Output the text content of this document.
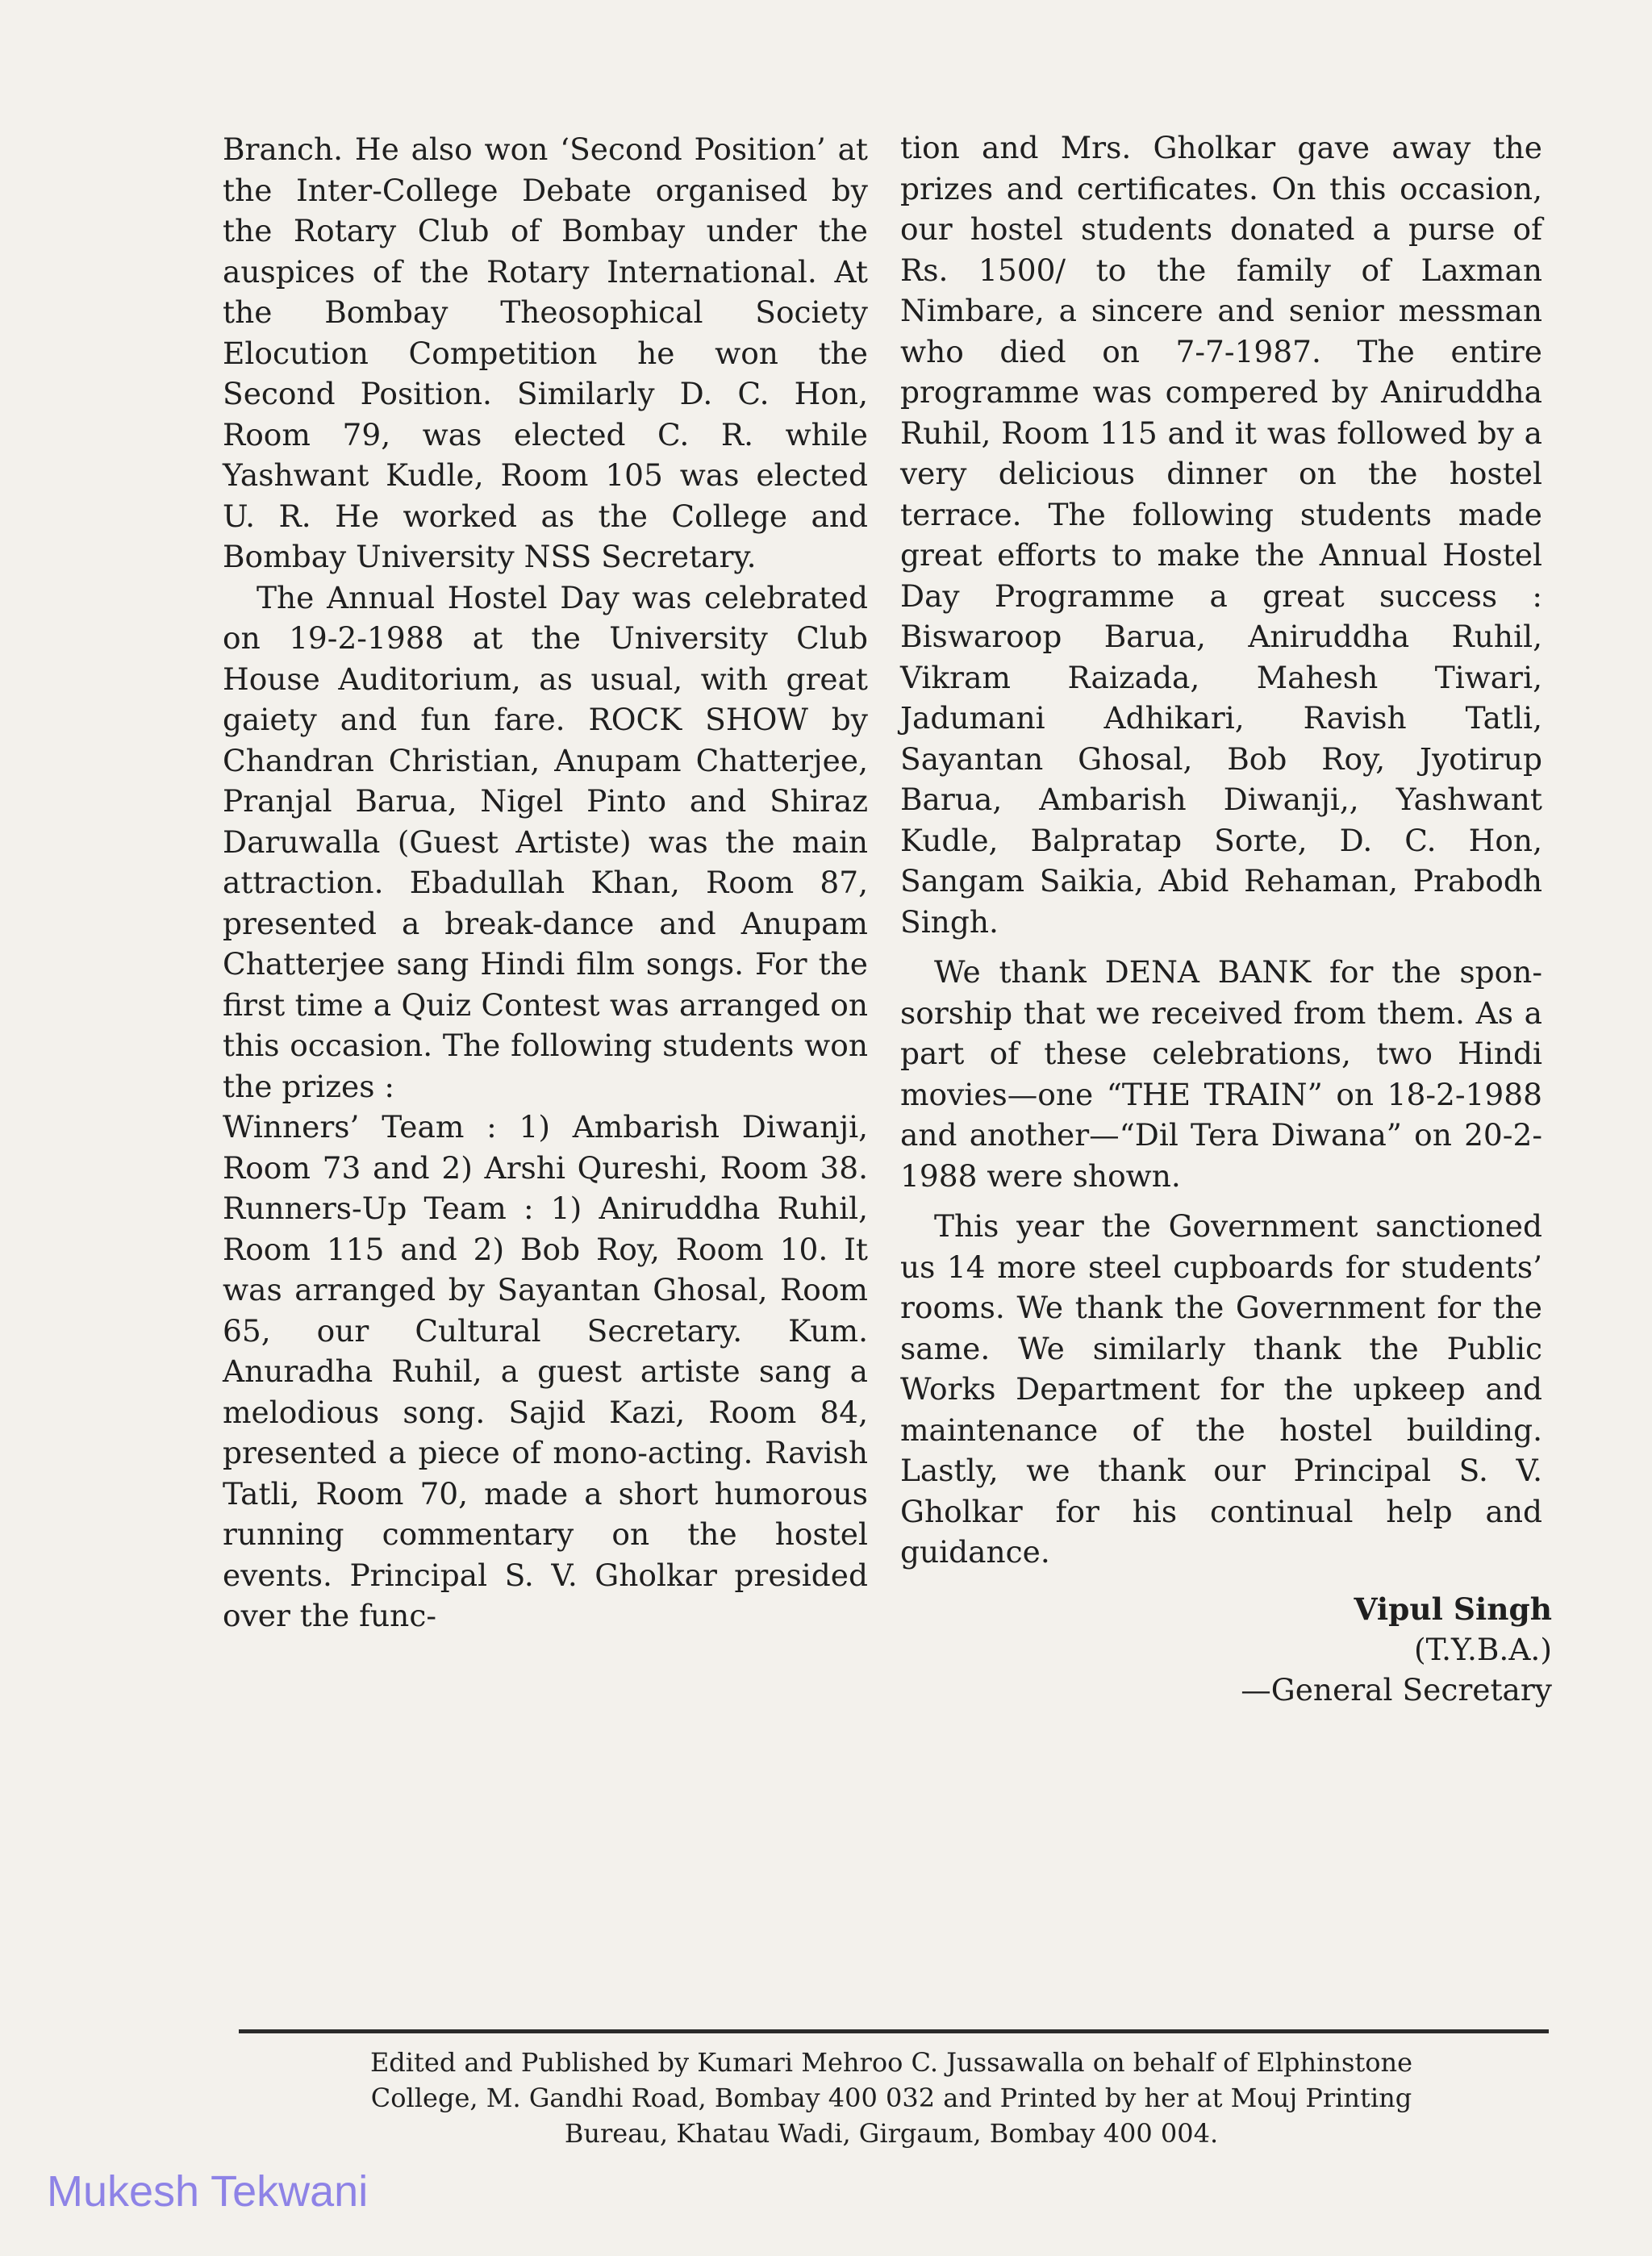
Branch. He also won ‘Second Position’ at the Inter-College Debate organised by the Rotary Club of Bombay under the auspices of the Rotary International. At the Bombay Theosophical Society Elocution Competition he won the Second Position. Similarly D. C. Hon, Room 79, was elected C. R. while Yashwant Kudle, Room 105 was elected U. R. He worked as the College and Bombay University NSS Secretary.

The Annual Hostel Day was celebrated on 19-2-1988 at the University Club House Auditorium, as usual, with great gaiety and fun fare. ROCK SHOW by Chandran Christian, Anupam Chatterjee, Pranjal Barua, Nigel Pinto and Shiraz Daruwalla (Guest Artiste) was the main attraction. Ebadullah Khan, Room 87, presented a break-dance and Anupam Chatterjee sang Hindi film songs. For the first time a Quiz Contest was arranged on this occasion. The following students won the prizes :

Winners’ Team : 1) Ambarish Diwanji, Room 73 and 2) Arshi Qureshi, Room 38. Runners-Up Team : 1) Aniruddha Ruhil, Room 115 and 2) Bob Roy, Room 10. It was arranged by Sayantan Ghosal, Room 65, our Cultural Secretary. Kum. Anuradha Ruhil, a guest artiste sang a melodious song. Sajid Kazi, Room 84, presented a piece of mono-acting. Ravish Tatli, Room 70, made a short humorous running commentary on the hostel events. Principal S. V. Gholkar presided over the func-

tion and Mrs. Gholkar gave away the prizes and certificates. On this occasion, our hostel students donated a purse of Rs. 1500/ to the family of Laxman Nimbare, a sincere and senior messman who died on 7-7-1987. The entire programme was compered by Aniruddha Ruhil, Room 115 and it was followed by a very delicious dinner on the hostel terrace. The following students made great efforts to make the Annual Hostel Day Programme a great success : Biswaroop Barua, Aniruddha Ruhil, Vikram Raizada, Mahesh Tiwari, Jadumani Adhikari, Ravish Tatli, Sayantan Ghosal, Bob Roy, Jyotirup Barua, Ambarish Diwanji,, Yashwant Kudle, Balpratap Sorte, D. C. Hon, Sangam Saikia, Abid Rehaman, Prabodh Singh.

We thank DENA BANK for the sponsorship that we received from them. As a part of these celebrations, two Hindi movies—one “THE TRAIN” on 18-2-1988 and another—“Dil Tera Diwana” on 20-2-1988 were shown.

This year the Government sanctioned us 14 more steel cupboards for students’ rooms. We thank the Government for the same. We similarly thank the Public Works Department for the upkeep and maintenance of the hostel building. Lastly, we thank our Principal S. V. Gholkar for his continual help and guidance.

Vipul Singh
(T.Y.B.A.)
—General Secretary
Edited and Published by Kumari Mehroo C. Jussawalla on behalf of Elphinstone
College, M. Gandhi Road, Bombay 400 032 and Printed by her at Mouj Printing
Bureau, Khatau Wadi, Girgaum, Bombay 400 004.
Mukesh Tekwani
